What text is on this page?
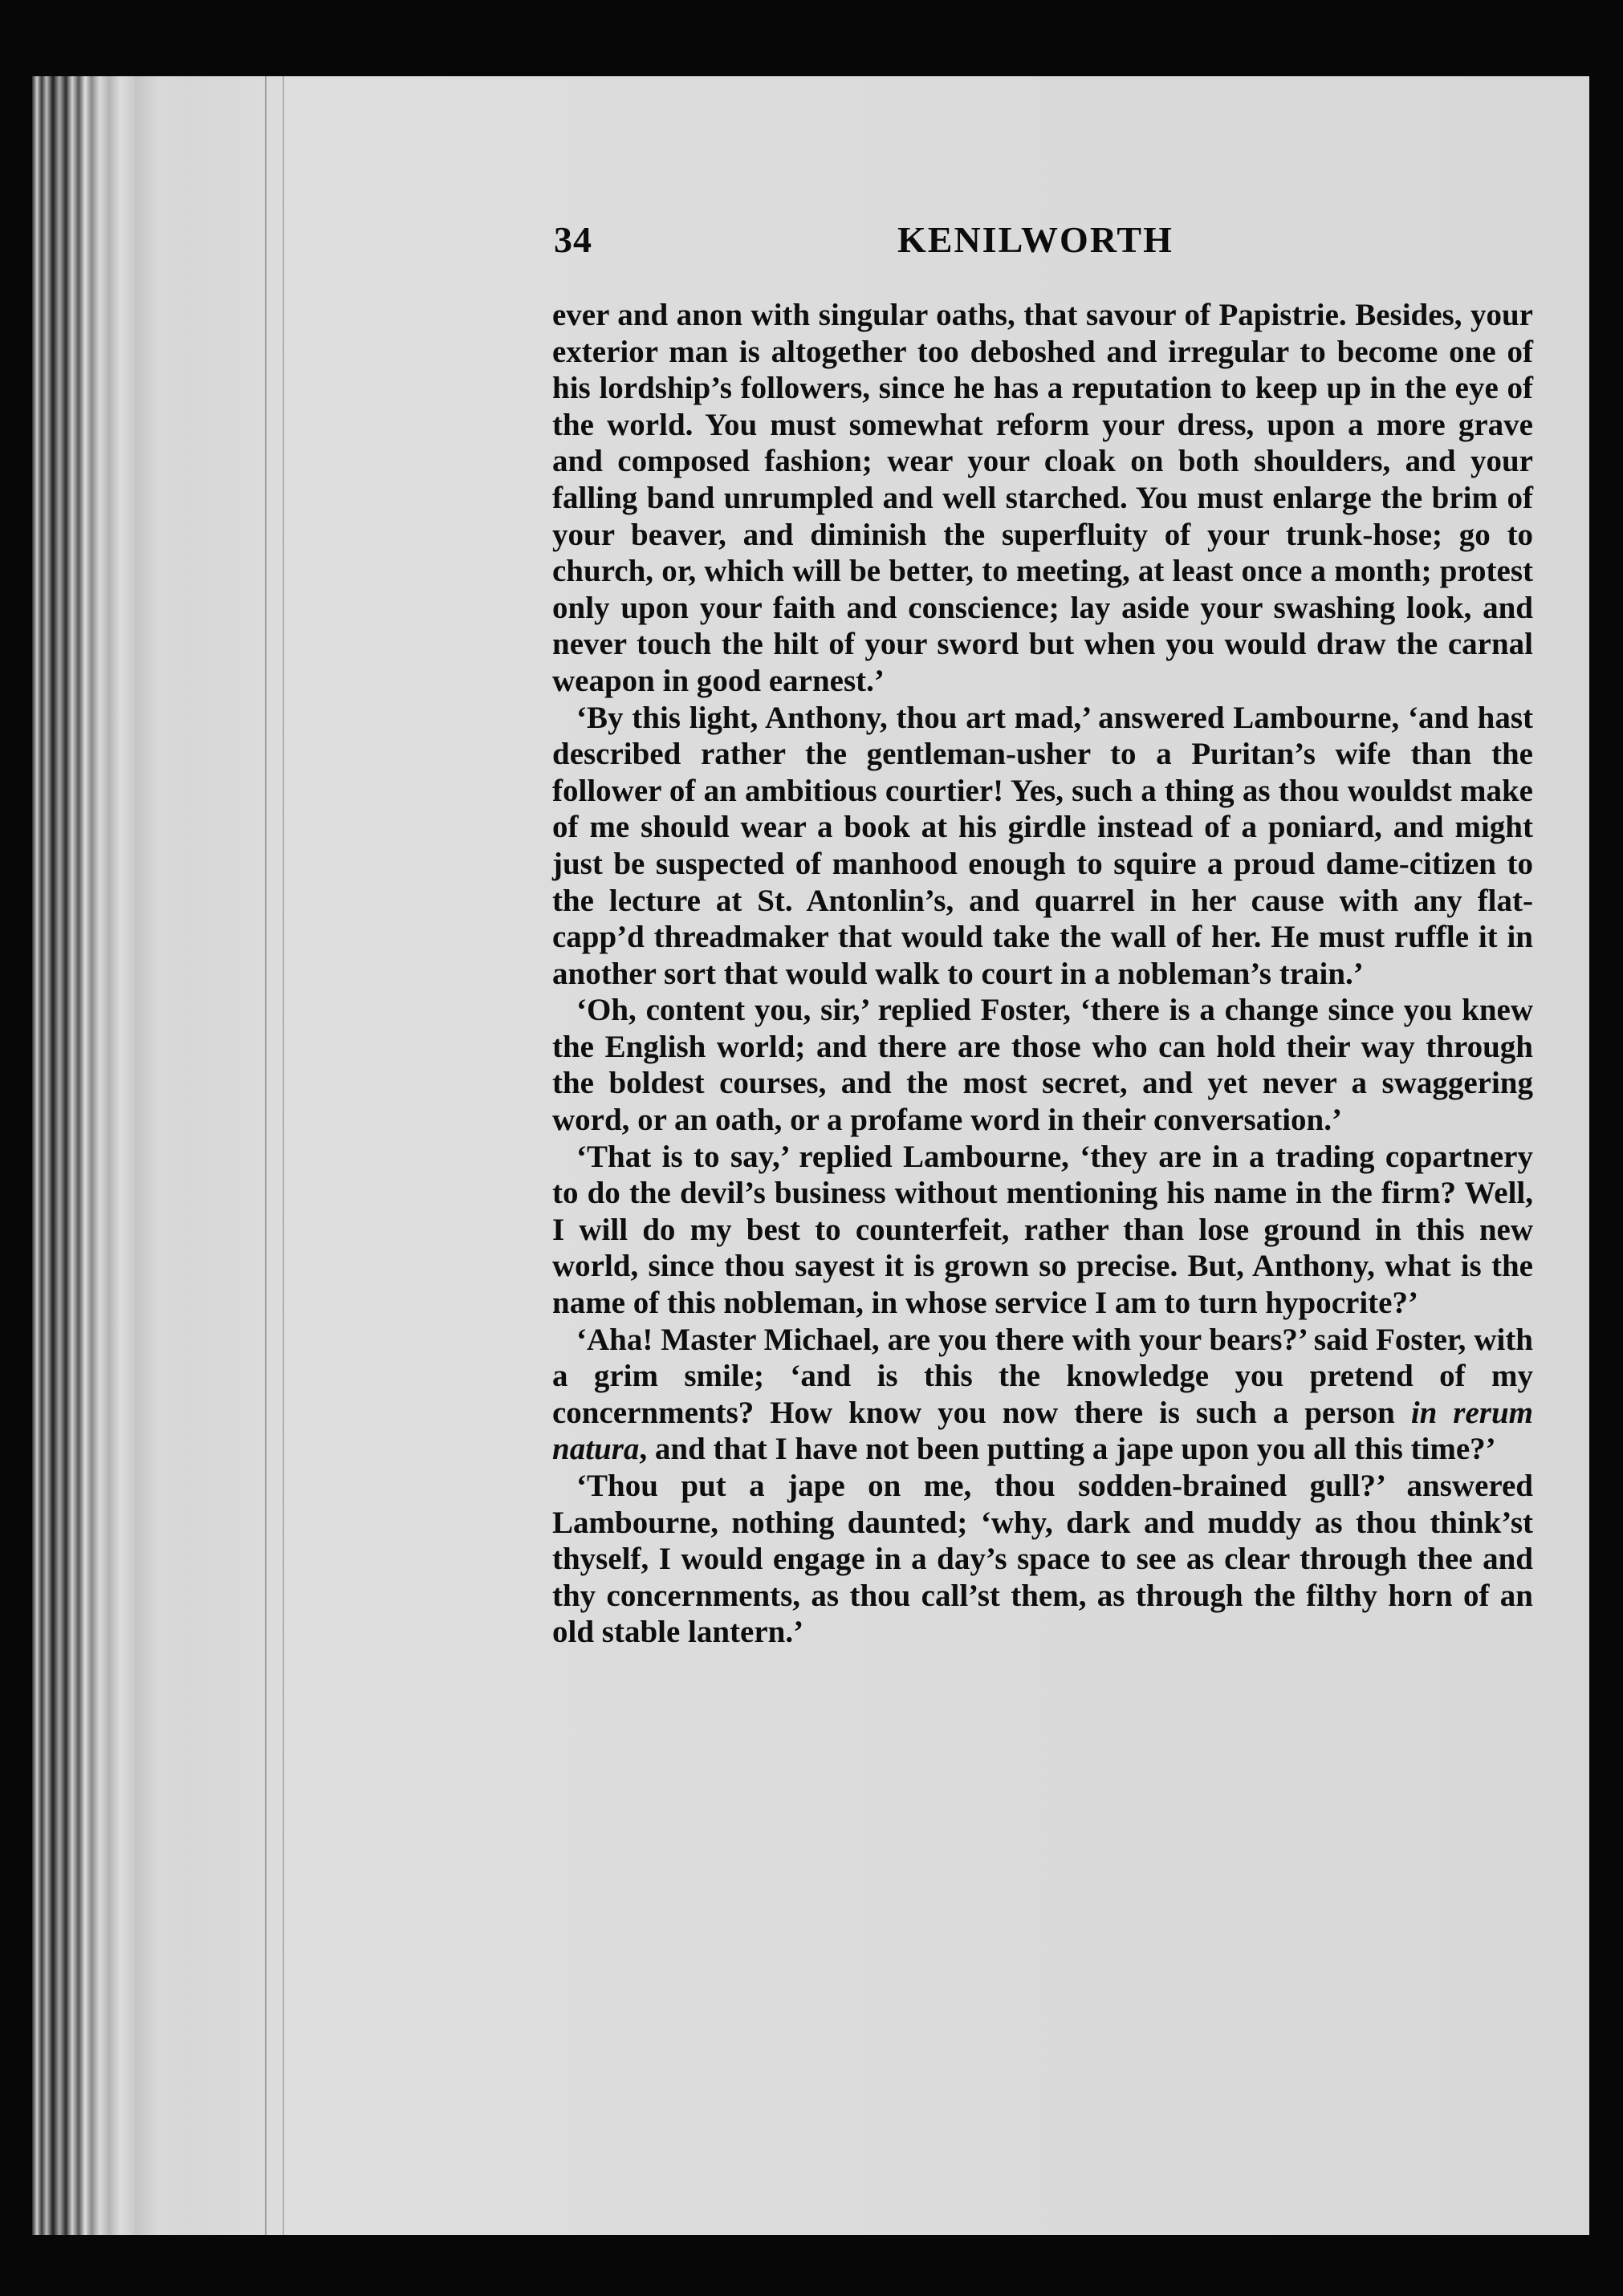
34	KENILWORTH

ever and anon with singular oaths, that savour of Papistrie. Besides, your exterior man is altogether too deboshed and irregular to become one of his lordship’s followers, since he has a reputation to keep up in the eye of the world. You must somewhat reform your dress, upon a more grave and composed fashion; wear your cloak on both shoulders, and your falling band unrumpled and well starched. You must enlarge the brim of your beaver, and diminish the superfluity of your trunk-hose; go to church, or, which will be better, to meeting, at least once a month; protest only upon your faith and conscience; lay aside your swashing look, and never touch the hilt of your sword but when you would draw the carnal weapon in good earnest.’

‘By this light, Anthony, thou art mad,’ answered Lambourne, ‘and hast described rather the gentleman-usher to a Puritan’s wife than the follower of an ambitious courtier! Yes, such a thing as thou wouldst make of me should wear a book at his girdle instead of a poniard, and might just be suspected of manhood enough to squire a proud dame-citizen to the lecture at St. Antonlin’s, and quarrel in her cause with any flat-capp’d threadmaker that would take the wall of her. He must ruffle it in another sort that would walk to court in a nobleman’s train.’

‘Oh, content you, sir,’ replied Foster, ‘there is a change since you knew the English world; and there are those who can hold their way through the boldest courses, and the most secret, and yet never a swaggering word, or an oath, or a profame word in their conversation.’

‘That is to say,’ replied Lambourne, ‘they are in a trading copartnery to do the devil’s business without mentioning his name in the firm? Well, I will do my best to counterfeit, rather than lose ground in this new world, since thou sayest it is grown so precise. But, Anthony, what is the name of this nobleman, in whose service I am to turn hypocrite?’

‘Aha! Master Michael, are you there with your bears?’ said Foster, with a grim smile; ‘and is this the knowledge you pretend of my concernments? How know you now there is such a person in rerum natura, and that I have not been putting a jape upon you all this time?’

‘Thou put a jape on me, thou sodden-brained gull?’ answered Lambourne, nothing daunted; ‘why, dark and muddy as thou think’st thyself, I would engage in a day’s space to see as clear through thee and thy concernments, as thou call’st them, as through the filthy horn of an old stable lantern.’
